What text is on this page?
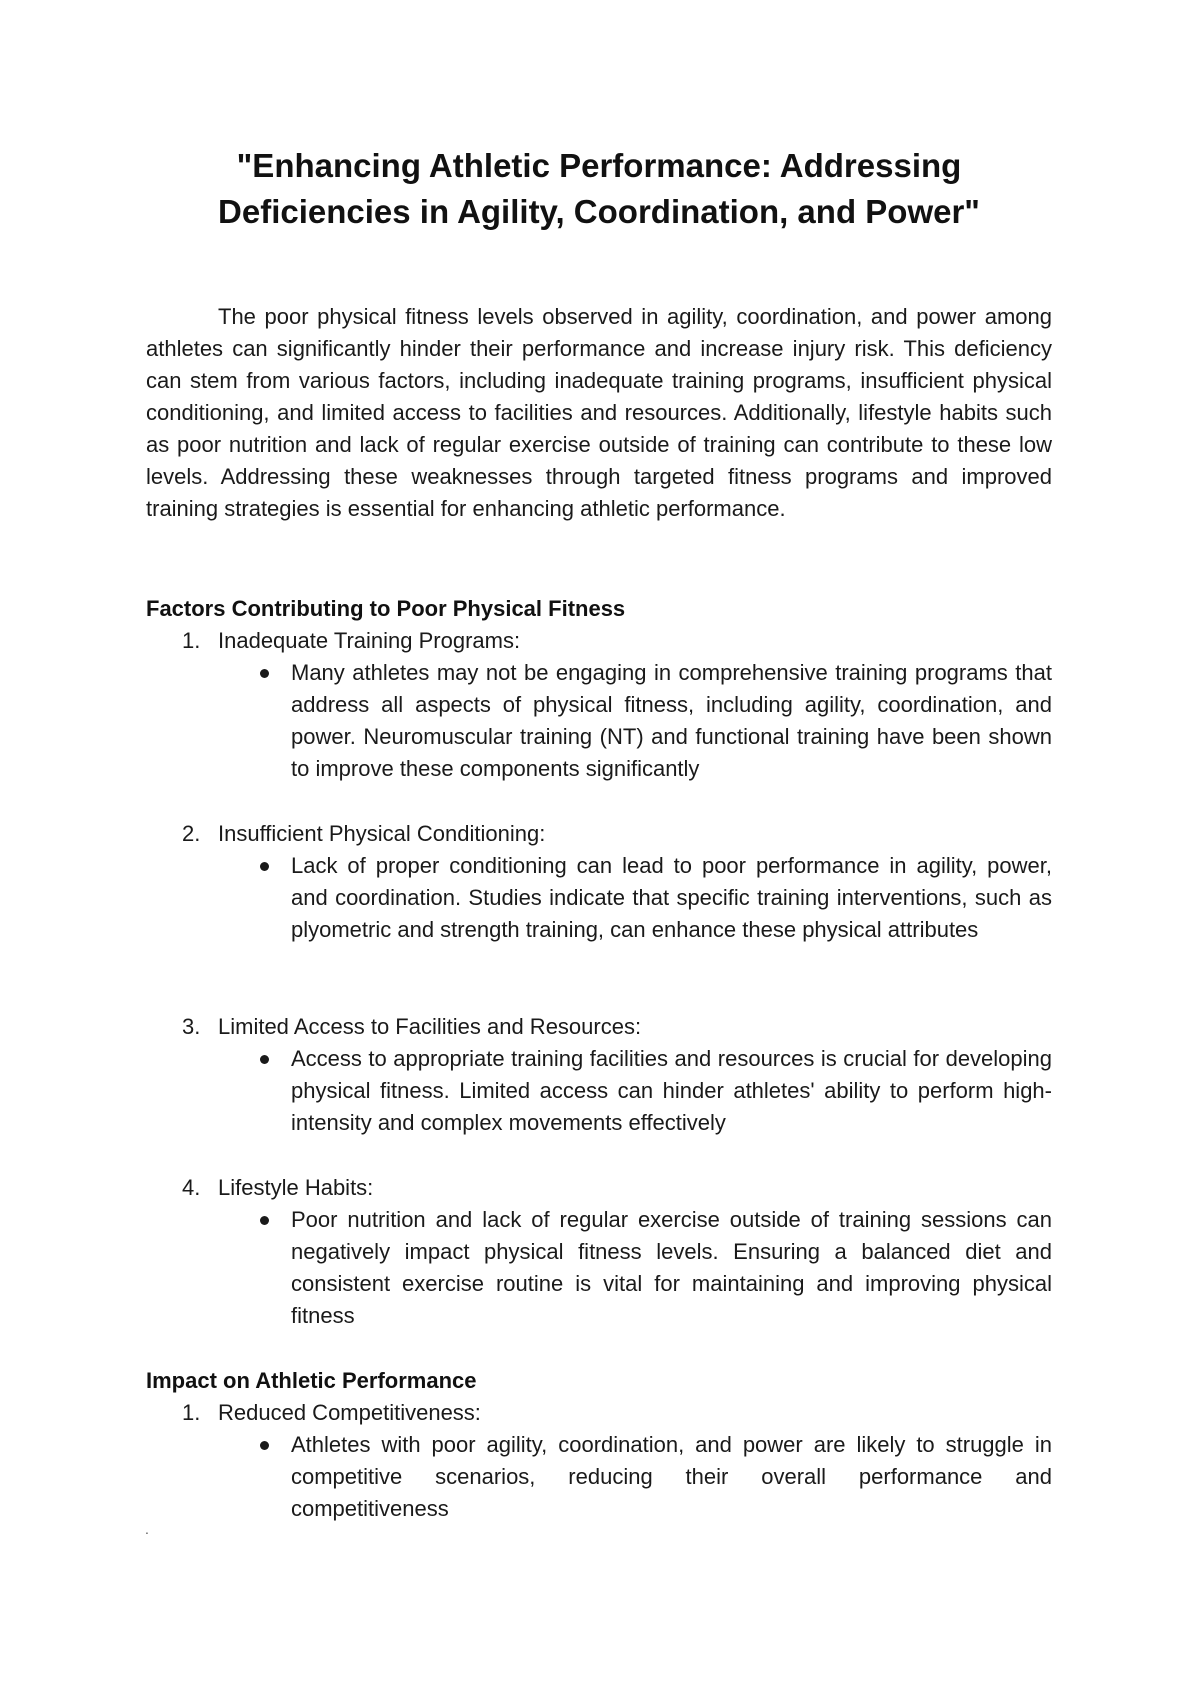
"Enhancing Athletic Performance: Addressing Deficiencies in Agility, Coordination, and Power"

The poor physical fitness levels observed in agility, coordination, and power among athletes can significantly hinder their performance and increase injury risk. This deficiency can stem from various factors, including inadequate training programs, insufficient physical conditioning, and limited access to facilities and resources. Additionally, lifestyle habits such as poor nutrition and lack of regular exercise outside of training can contribute to these low levels. Addressing these weaknesses through targeted fitness programs and improved training strategies is essential for enhancing athletic performance.

Factors Contributing to Poor Physical Fitness
1. Inadequate Training Programs:

Many athletes may not be engaging in comprehensive training programs that address all aspects of physical fitness, including agility, coordination, and power. Neuromuscular training (NT) and functional training have been shown to improve these components significantly

2. Insufficient Physical Conditioning:

Lack of proper conditioning can lead to poor performance in agility, power, and coordination. Studies indicate that specific training interventions, such as plyometric and strength training, can enhance these physical attributes

3. Limited Access to Facilities and Resources:

Access to appropriate training facilities and resources is crucial for developing physical fitness. Limited access can hinder athletes' ability to perform high-intensity and complex movements effectively

4. Lifestyle Habits:

Poor nutrition and lack of regular exercise outside of training sessions can negatively impact physical fitness levels. Ensuring a balanced diet and consistent exercise routine is vital for maintaining and improving physical fitness

Impact on Athletic Performance
1. Reduced Competitiveness:

Athletes with poor agility, coordination, and power are likely to struggle in competitive scenarios, reducing their overall performance and competitiveness

.
